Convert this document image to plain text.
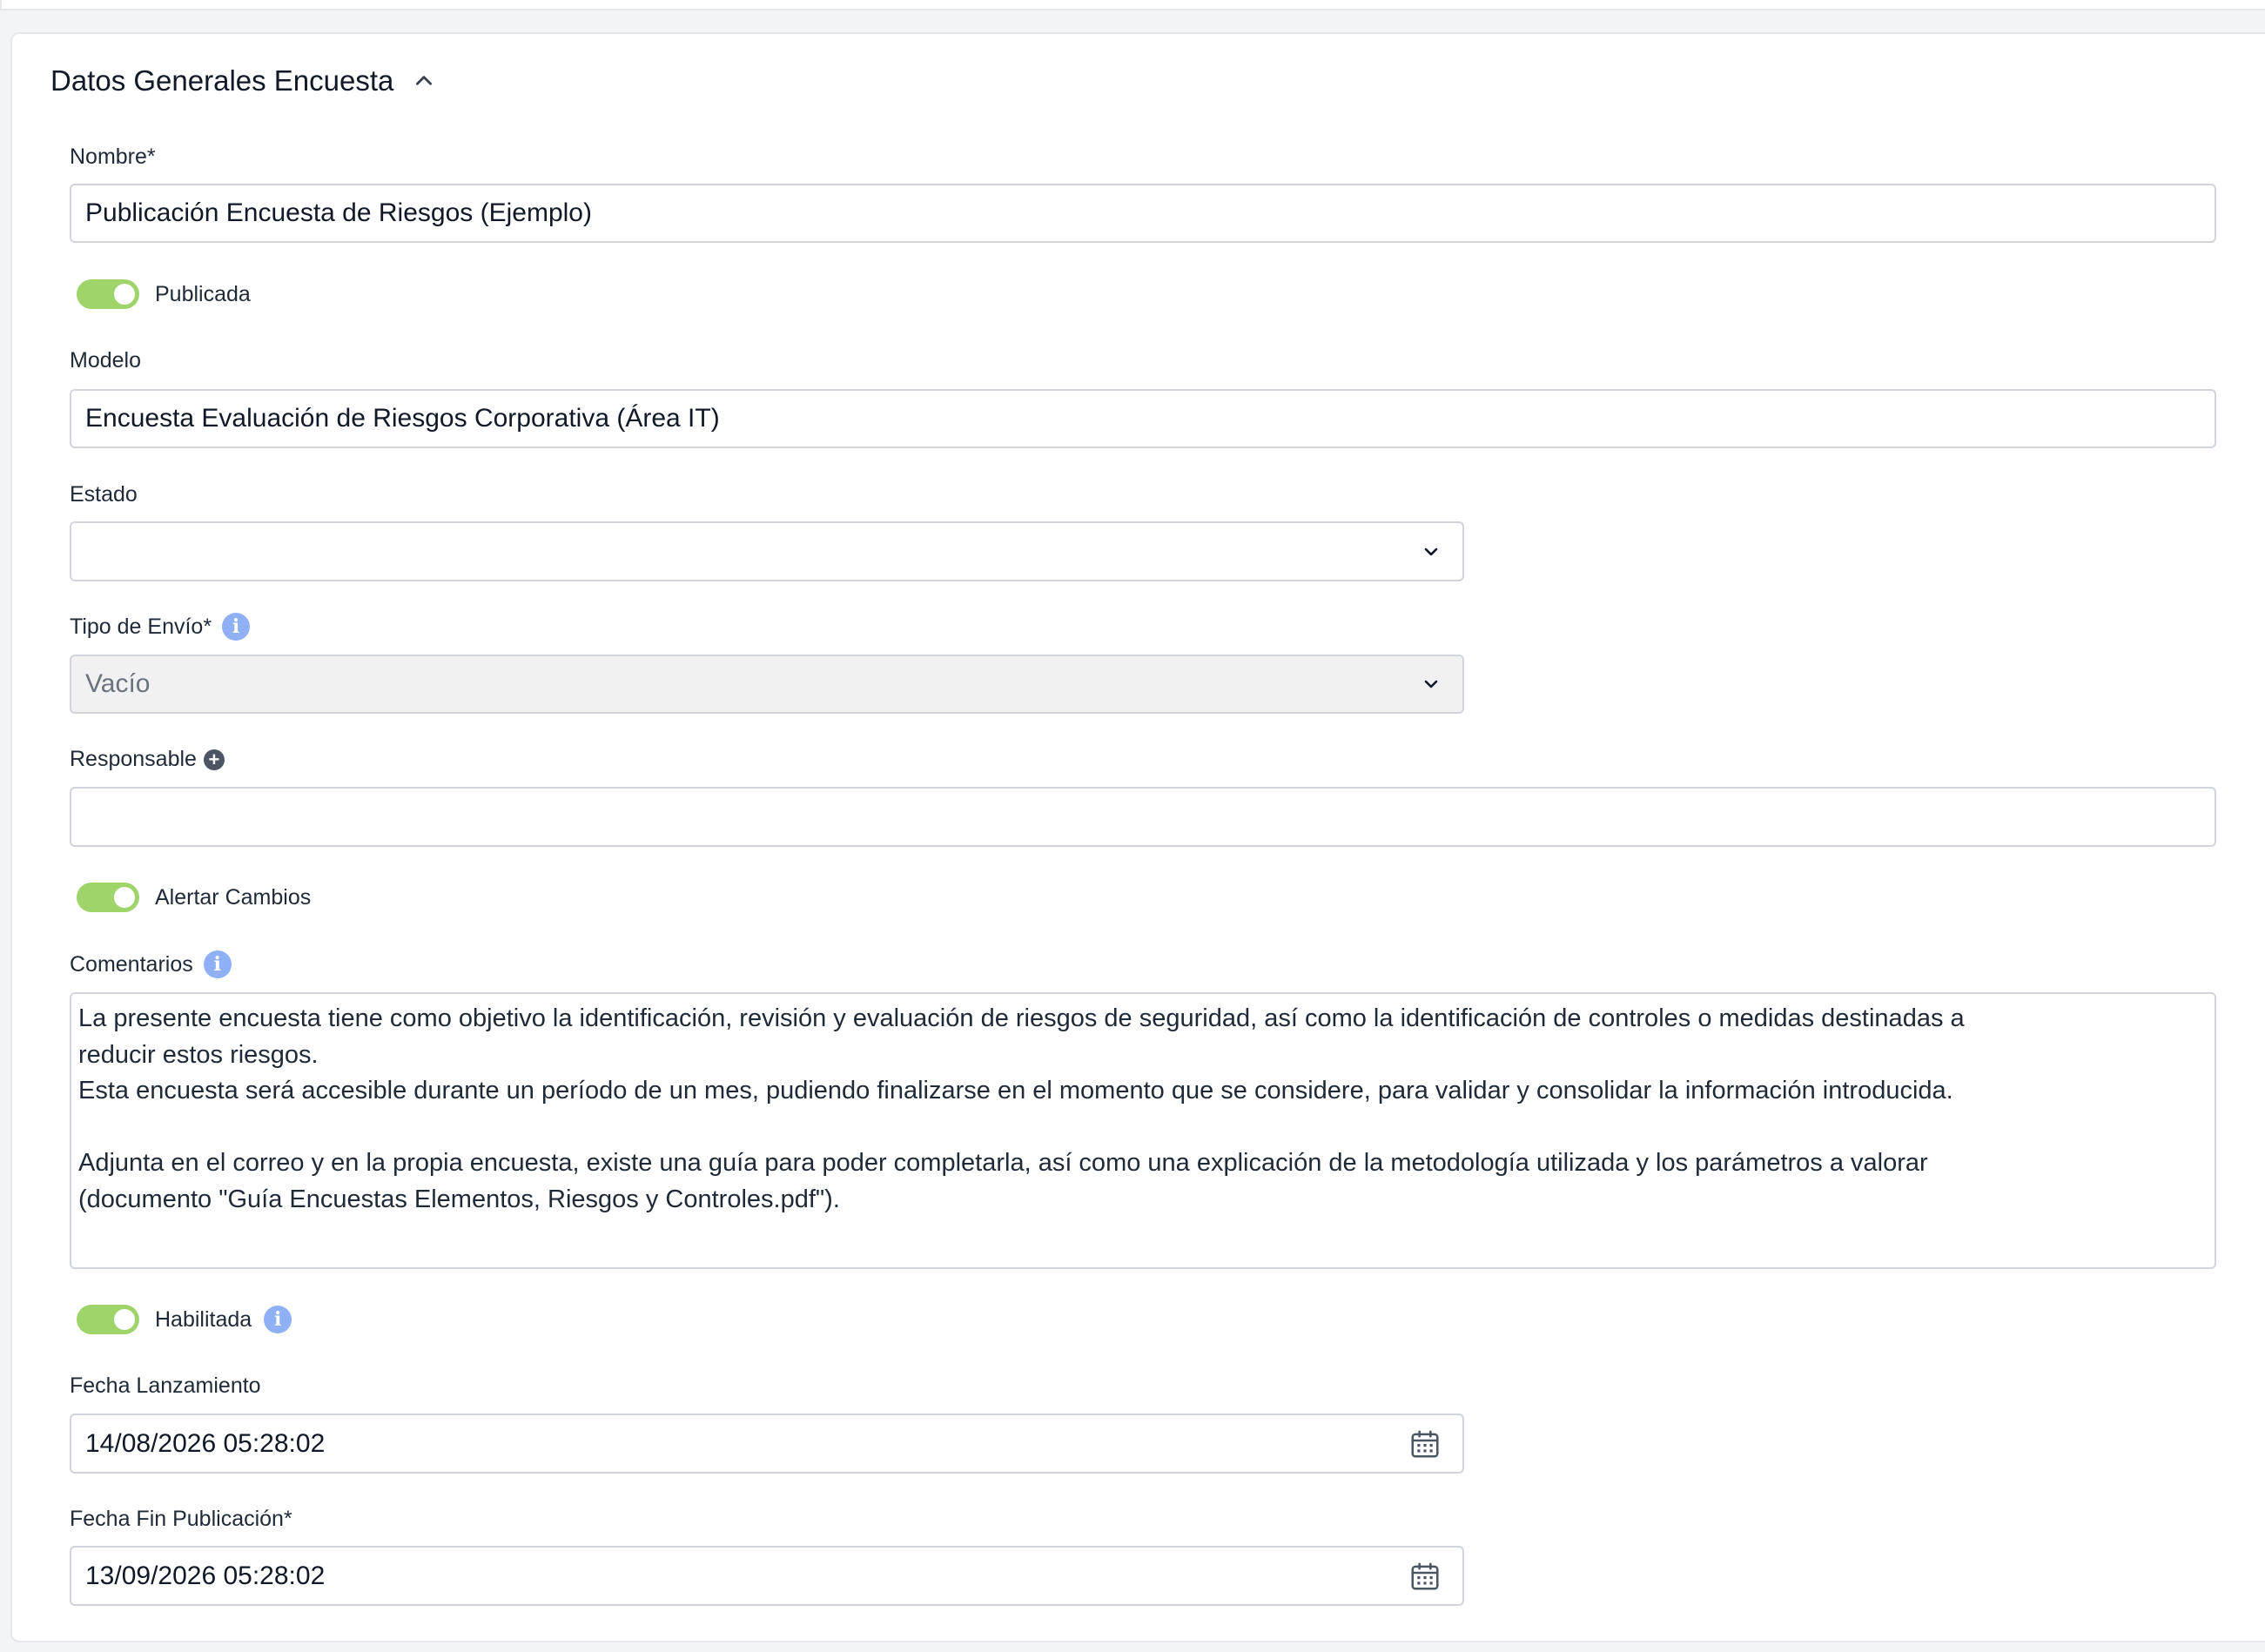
Datos Generales Encuesta
Nombre*
Publicación Encuesta de Riesgos (Ejemplo)
Publicada
Modelo
Encuesta Evaluación de Riesgos Corporativa (Área IT)
Estado
Tipo de Envío*	i
Vacío
Responsable +
Alertar Cambios
Comentarios	i

La presente encuesta tiene como objetivo la identificación, revisión y evaluación de riesgos de seguridad, así como la identificación de controles o medidas destinadas a

reducir estos riesgos.

Esta encuesta será accesible durante un período de un mes, pudiendo finalizarse en el momento que se considere, para validar y consolidar la información introducida.

Adjunta en el correo y en la propia encuesta, existe una guía para poder completarla, así como una explicación de la metodología utilizada y los parámetros a valorar

(documento "Guía Encuestas Elementos, Riesgos y Controles.pdf").

Habilitada	i
Fecha Lanzamiento
14/08/2026 05:28:02
Fecha Fin Publicación*
13/09/2026 05:28:02
